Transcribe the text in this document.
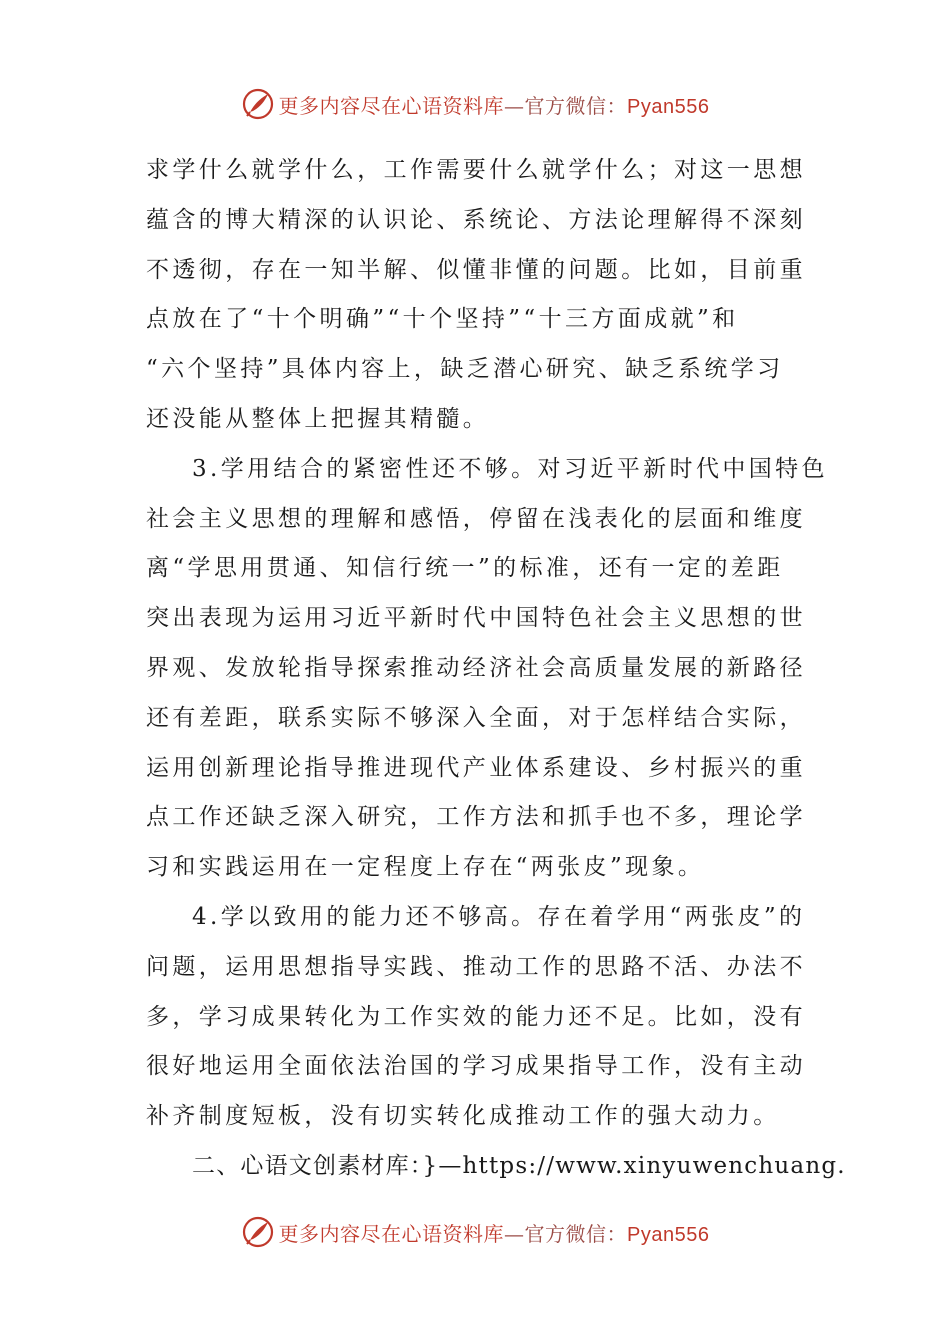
更多内容尽在心语资料库—官方微信：Pyan556
求学什么就学什么，工作需要什么就学什么；对这一思想
蕴含的博大精深的认识论、系统论、方法论理解得不深刻
不透彻，存在一知半解、似懂非懂的问题。比如，目前重
点放在了“十个明确”“十个坚持”“十三方面成就”和
“六个坚持”具体内容上，缺乏潜心研究、缺乏系统学习
还没能从整体上把握其精髓。
3.学用结合的紧密性还不够。对习近平新时代中国特色
社会主义思想的理解和感悟，停留在浅表化的层面和维度
离“学思用贯通、知信行统一”的标准，还有一定的差距
突出表现为运用习近平新时代中国特色社会主义思想的世
界观、发放轮指导探索推动经济社会高质量发展的新路径
还有差距，联系实际不够深入全面，对于怎样结合实际，
运用创新理论指导推进现代产业体系建设、乡村振兴的重
点工作还缺乏深入研究，工作方法和抓手也不多，理论学
习和实践运用在一定程度上存在“两张皮”现象。
4.学以致用的能力还不够高。存在着学用“两张皮”的
问题，运用思想指导实践、推动工作的思路不活、办法不
多，学习成果转化为工作实效的能力还不足。比如，没有
很好地运用全面依法治国的学习成果指导工作，没有主动
补齐制度短板，没有切实转化成推动工作的强大动力。
二、心语文创素材库：}—https://www.xinyuwenchuang.
更多内容尽在心语资料库—官方微信：Pyan556
